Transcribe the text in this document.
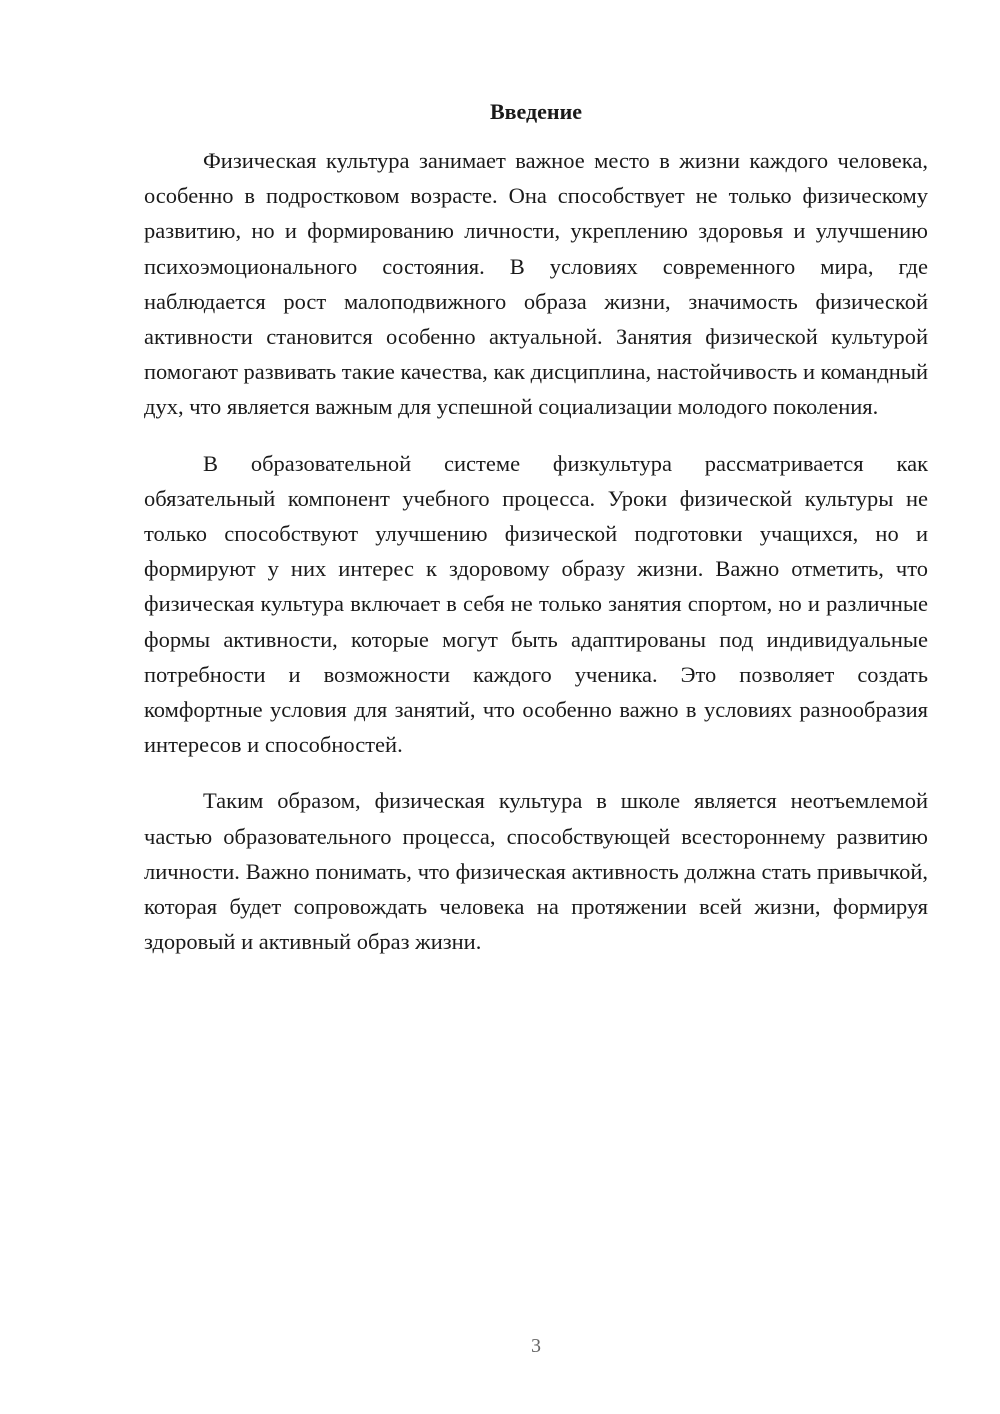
Введение

Физическая культура занимает важное место в жизни каждого человека, особенно в подростковом возрасте. Она способствует не только физическому развитию, но и формированию личности, укреплению здоровья и улучшению психоэмоционального состояния. В условиях современного мира, где наблюдается рост малоподвижного образа жизни, значимость физической активности становится особенно актуальной. Занятия физической культурой помогают развивать такие качества, как дисциплина, настойчивость и командный дух, что является важным для успешной социализации молодого поколения.

В образовательной системе физкультура рассматривается как обязательный компонент учебного процесса. Уроки физической культуры не только способствуют улучшению физической подготовки учащихся, но и формируют у них интерес к здоровому образу жизни. Важно отметить, что физическая культура включает в себя не только занятия спортом, но и различные формы активности, которые могут быть адаптированы под индивидуальные потребности и возможности каждого ученика. Это позволяет создать комфортные условия для занятий, что особенно важно в условиях разнообразия интересов и способностей.

Таким образом, физическая культура в школе является неотъемлемой частью образовательного процесса, способствующей всестороннему развитию личности. Важно понимать, что физическая активность должна стать привычкой, которая будет сопровождать человека на протяжении всей жизни, формируя здоровый и активный образ жизни.

3
